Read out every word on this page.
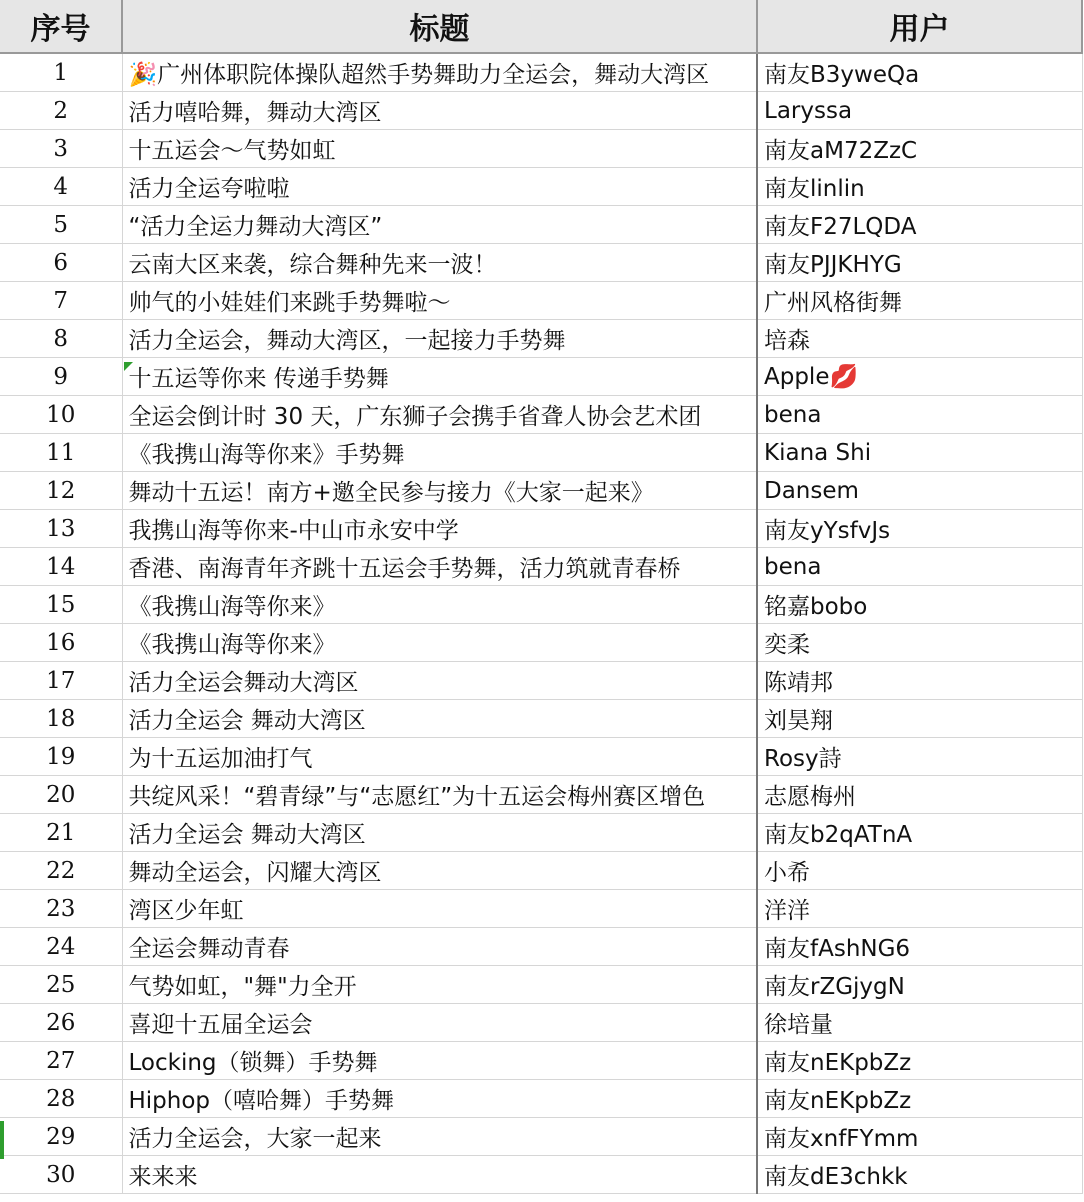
序号	标题	用户
1	🎉广州体职院体操队超然手势舞助力全运会，舞动大湾区	南友B3yweQa
2	活力嘻哈舞，舞动大湾区	Laryssa
3	十五运会～气势如虹	南友aM72ZzC
4	活力全运夸啦啦	南友linlin
5	“活力全运力舞动大湾区”	南友F27LQDA
6	云南大区来袭，综合舞种先来一波！	南友PJJKHYG
7	帅气的小娃娃们来跳手势舞啦～	广州风格街舞
8	活力全运会，舞动大湾区，一起接力手势舞	培森
9	十五运等你来 传递手势舞	Apple💋
10	全运会倒计时 30 天，广东狮子会携手省聋人协会艺术团	bena
11	《我携山海等你来》手势舞	Kiana Shi
12	舞动十五运！南方+邀全民参与接力《大家一起来》	Dansem
13	我携山海等你来-中山市永安中学	南友yYsfvJs
14	香港、南海青年齐跳十五运会手势舞，活力筑就青春桥	bena
15	《我携山海等你来》	铭嘉bobo
16	《我携山海等你来》	奕柔
17	活力全运会舞动大湾区	陈靖邦
18	活力全运会 舞动大湾区	刘昊翔
19	为十五运加油打气	Rosy詩
20	共绽风采！“碧青绿”与“志愿红”为十五运会梅州赛区增色	志愿梅州
21	活力全运会 舞动大湾区	南友b2qATnA
22	舞动全运会，闪耀大湾区	小希
23	湾区少年虹	洋洋
24	全运会舞动青春	南友fAshNG6
25	气势如虹，"舞"力全开	南友rZGjygN
26	喜迎十五届全运会	徐培量
27	Locking（锁舞）手势舞	南友nEKpbZz
28	Hiphop（嘻哈舞）手势舞	南友nEKpbZz
29	活力全运会，大家一起来	南友xnfFYmm
30	来来来	南友dE3chkk
